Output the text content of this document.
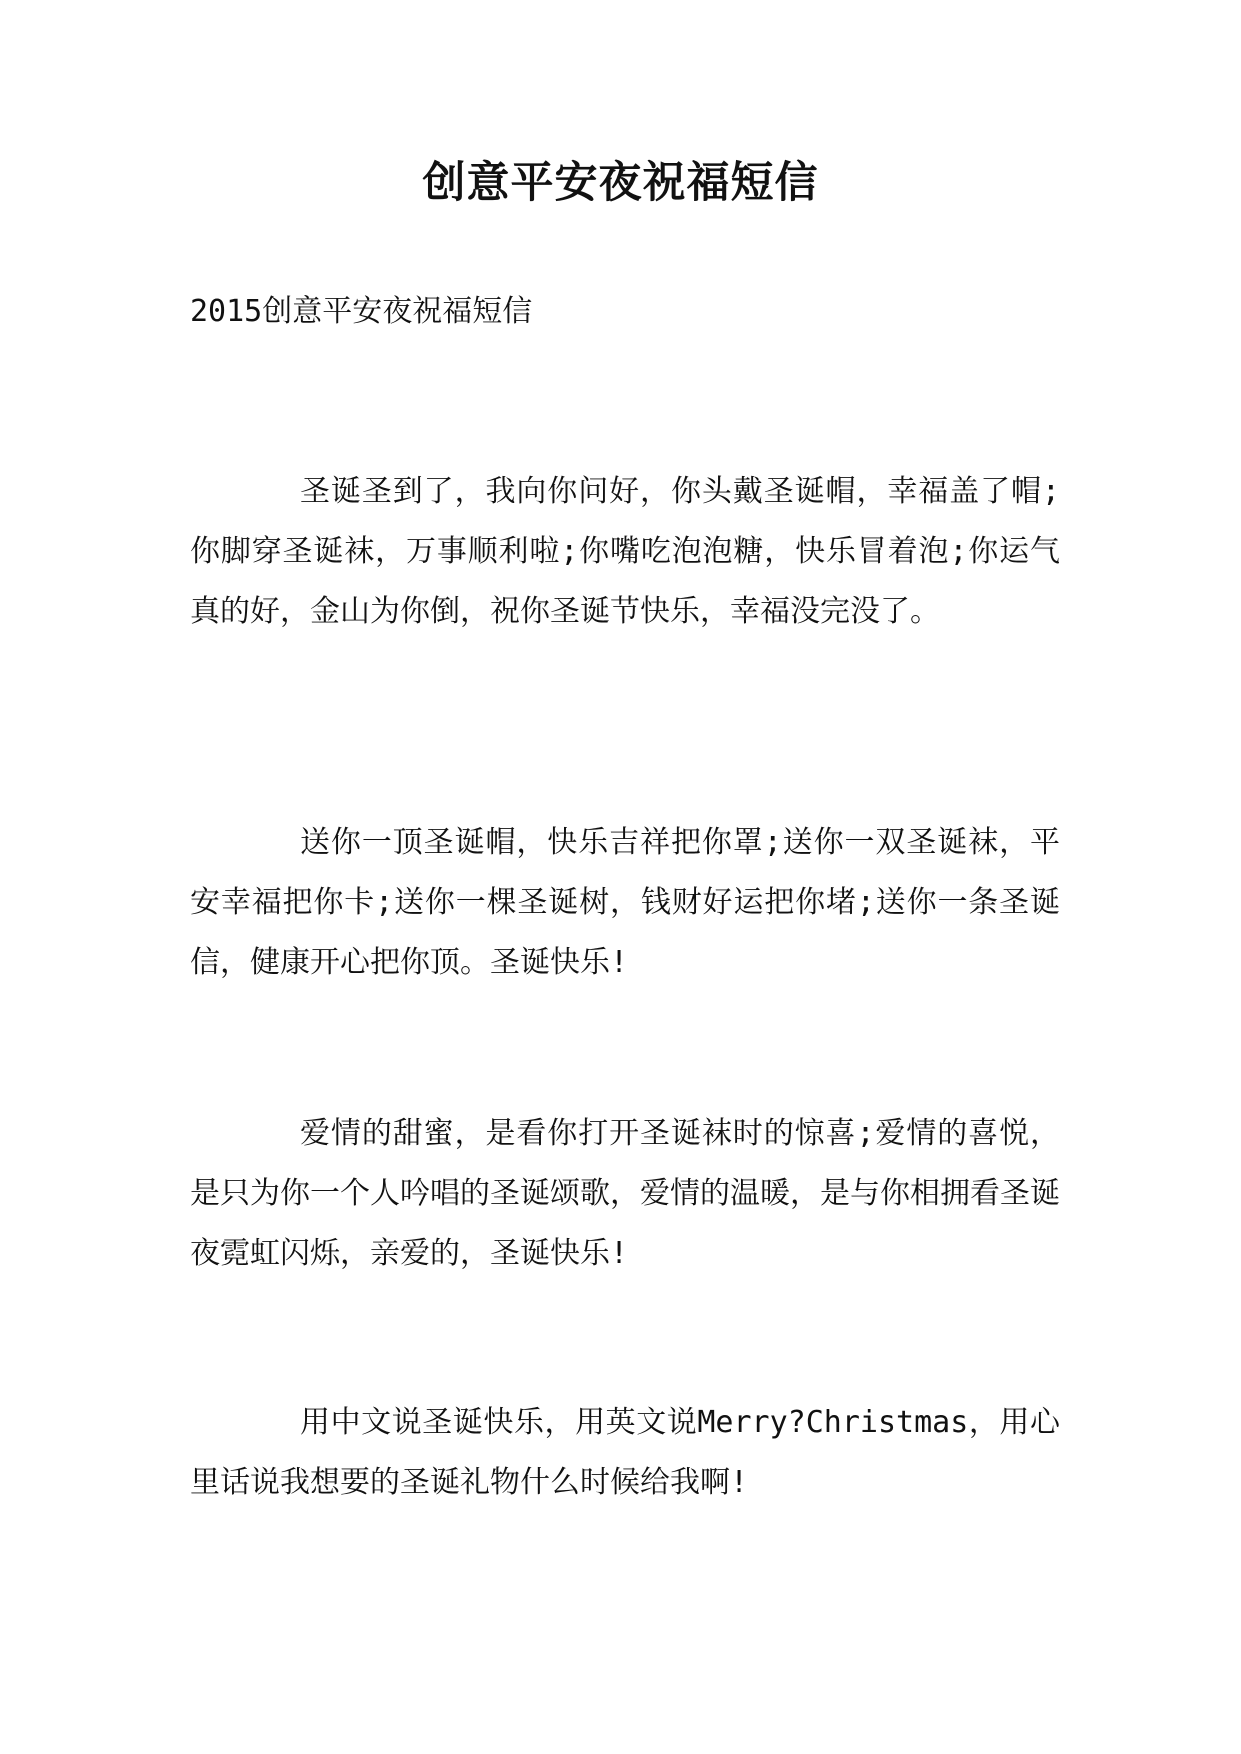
创意平安夜祝福短信

2015创意平安夜祝福短信

圣诞圣到了，我向你问好，你头戴圣诞帽，幸福盖了帽;你脚穿圣诞袜，万事顺利啦;你嘴吃泡泡糖，快乐冒着泡;你运气真的好，金山为你倒，祝你圣诞节快乐，幸福没完没了。

送你一顶圣诞帽，快乐吉祥把你罩;送你一双圣诞袜，平安幸福把你卡;送你一棵圣诞树，钱财好运把你堵;送你一条圣诞信，健康开心把你顶。圣诞快乐!

爱情的甜蜜，是看你打开圣诞袜时的惊喜;爱情的喜悦，是只为你一个人吟唱的圣诞颂歌，爱情的温暖，是与你相拥看圣诞夜霓虹闪烁，亲爱的，圣诞快乐!

用中文说圣诞快乐，用英文说Merry?Christmas，用心里话说我想要的圣诞礼物什么时候给我啊!
